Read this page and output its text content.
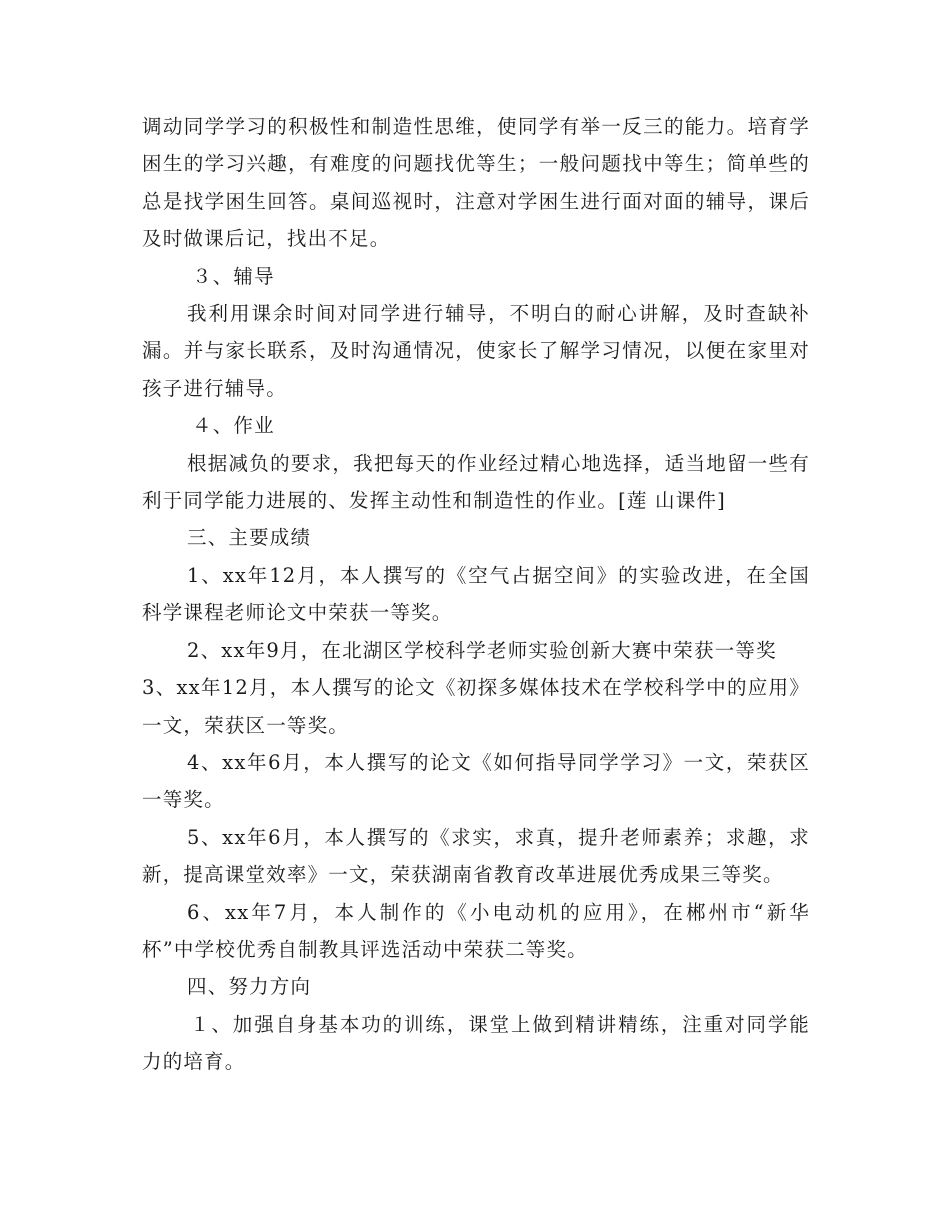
调动同学学习的积极性和制造性思维，使同学有举一反三的能力。培育学困生的学习兴趣，有难度的问题找优等生；一般问题找中等生；简单些的总是找学困生回答。桌间巡视时，注意对学困生进行面对面的辅导，课后及时做课后记，找出不足。

３、辅导

我利用课余时间对同学进行辅导，不明白的耐心讲解，及时查缺补漏。并与家长联系，及时沟通情况，使家长了解学习情况，以便在家里对孩子进行辅导。

４、作业

根据减负的要求，我把每天的作业经过精心地选择，适当地留一些有利于同学能力进展的、发挥主动性和制造性的作业。[莲 山课件]

三、主要成绩

1、xx年12月，本人撰写的《空气占据空间》的实验改进，在全国科学课程老师论文中荣获一等奖。

2、xx年9月，在北湖区学校科学老师实验创新大赛中荣获一等奖

3、xx年12月，本人撰写的论文《初探多媒体技术在学校科学中的应用》一文，荣获区一等奖。

4、xx年6月，本人撰写的论文《如何指导同学学习》一文，荣获区一等奖。

5、xx年6月，本人撰写的《求实，求真，提升老师素养；求趣，求新，提高课堂效率》一文，荣获湖南省教育改革进展优秀成果三等奖。

6、xx年7月，本人制作的《小电动机的应用》，在郴州市“新华杯”中学校优秀自制教具评选活动中荣获二等奖。

四、努力方向

１、加强自身基本功的训练，课堂上做到精讲精练，注重对同学能力的培育。
